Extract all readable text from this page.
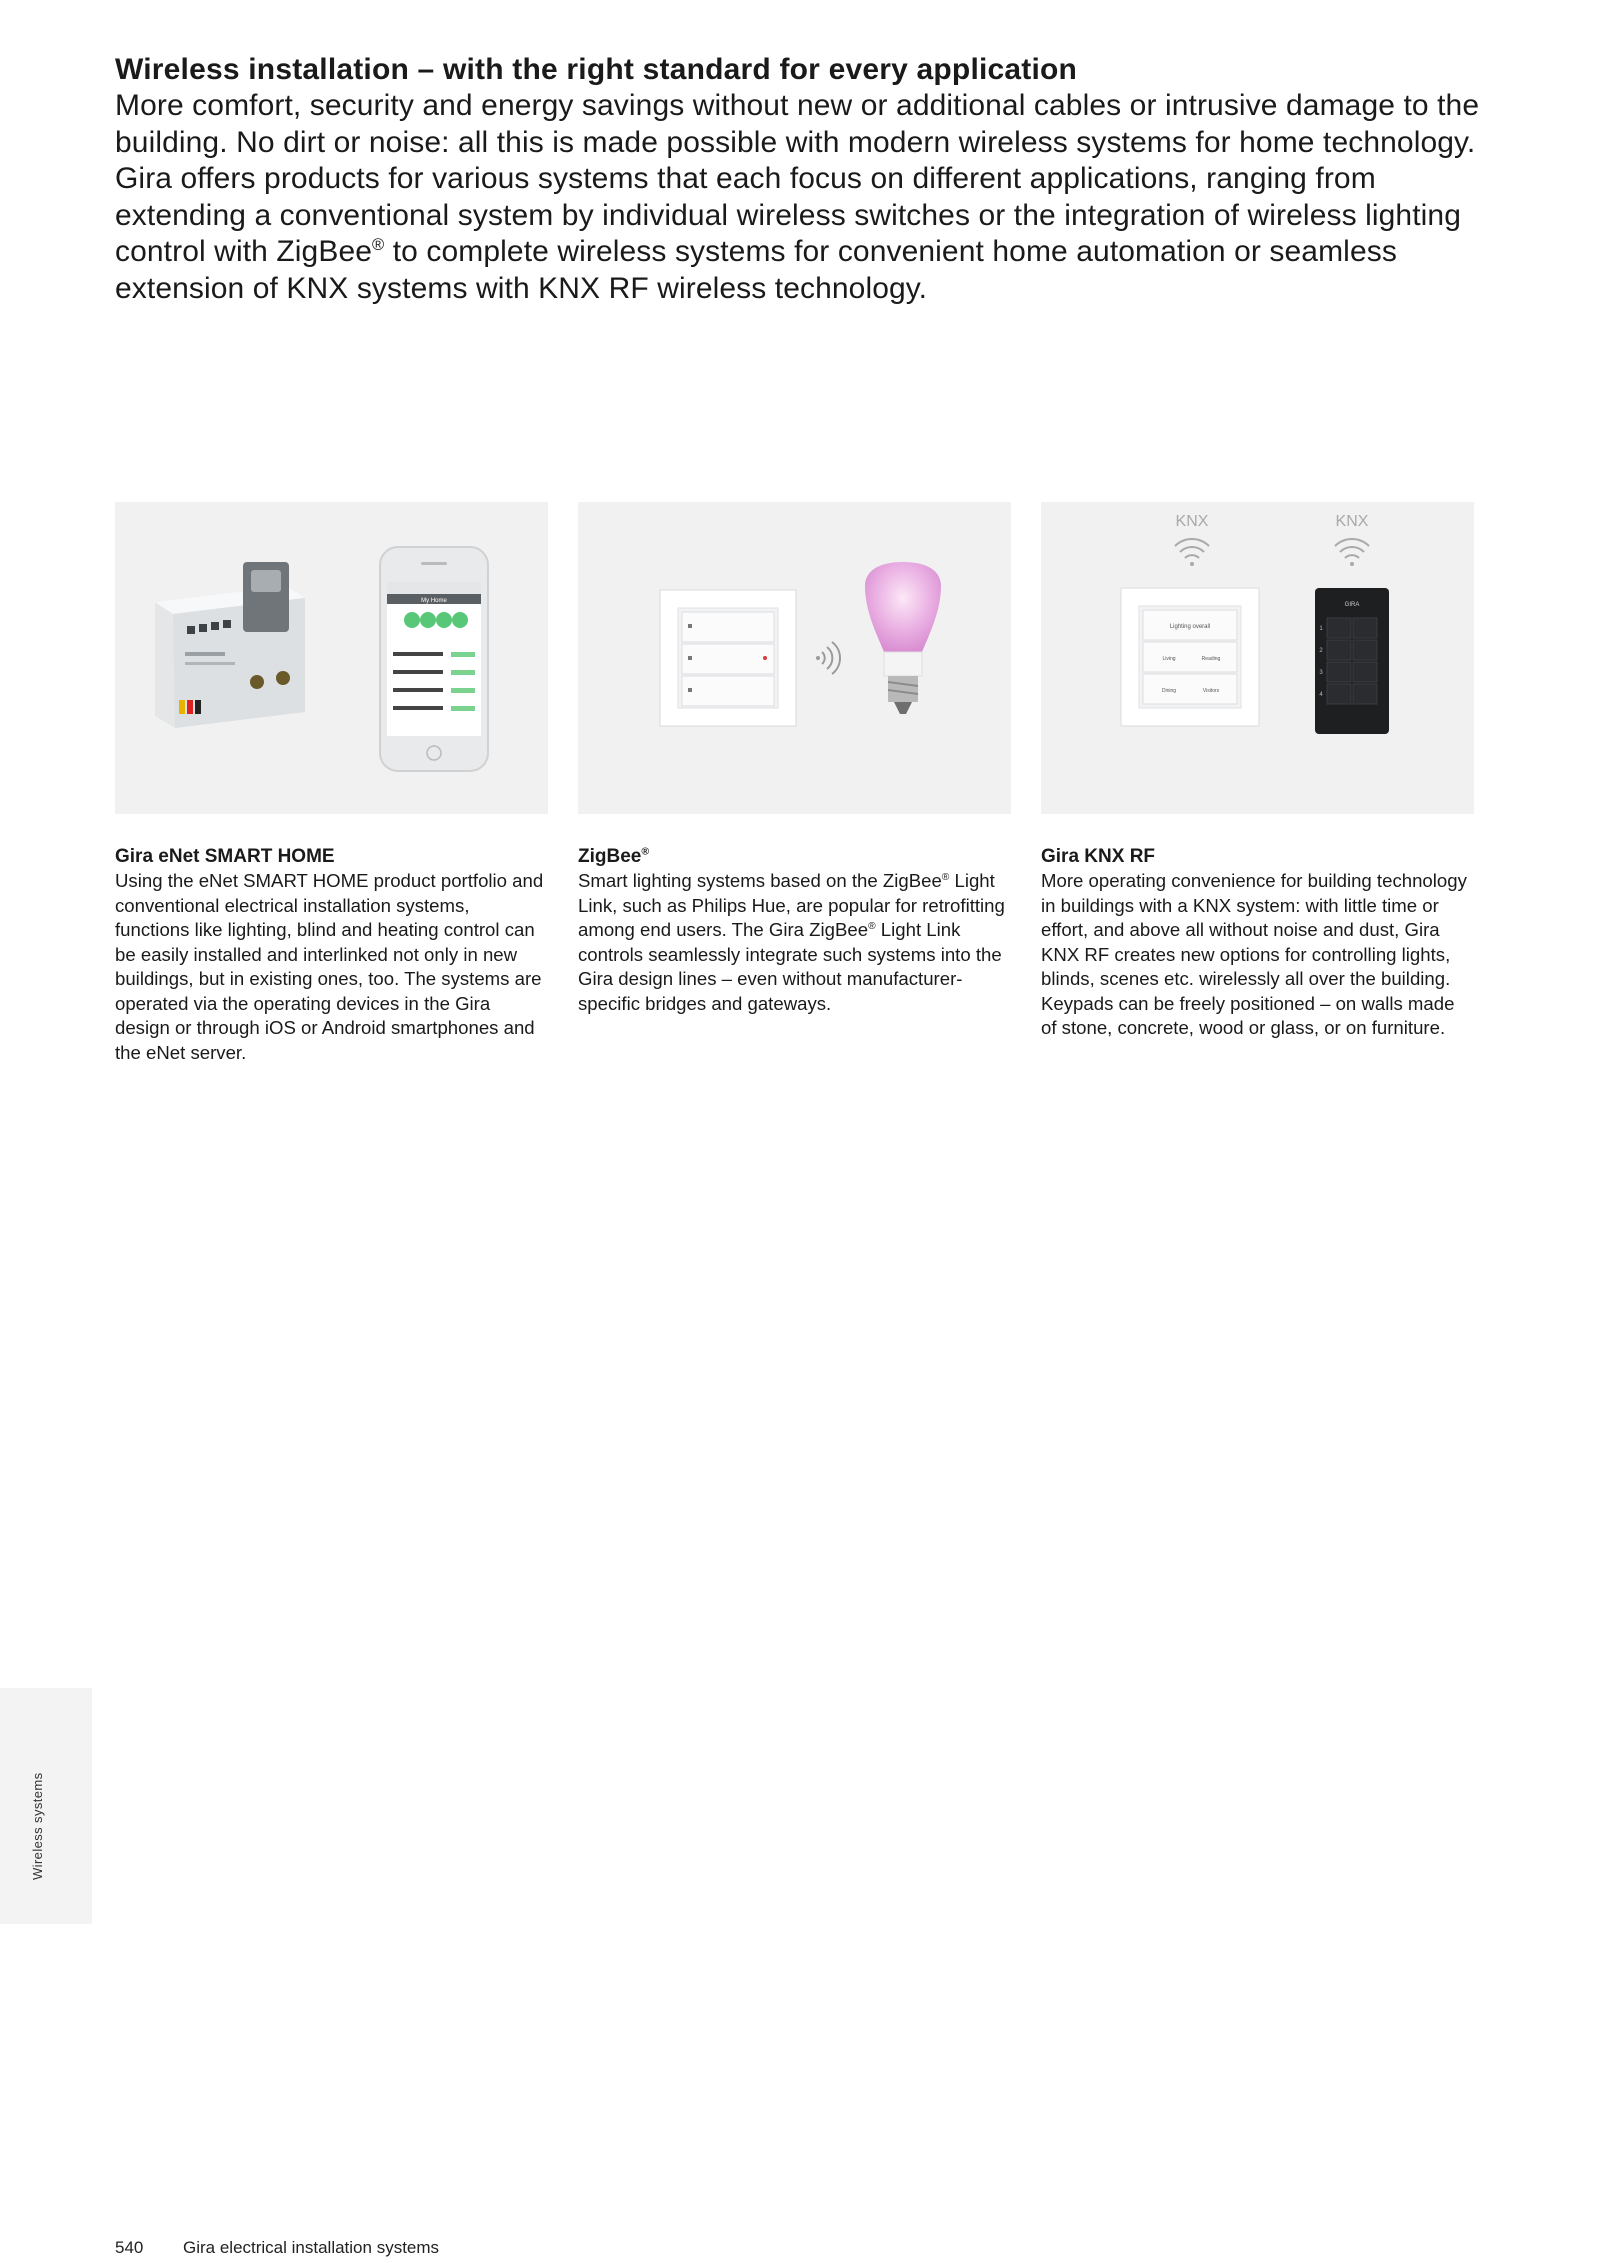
Wireless installation – with the right standard for every application

More comfort, security and energy savings without new or additional cables or intrusive damage to the building. No dirt or noise: all this is made possible with modern wireless systems for home technology. Gira offers products for various systems that each focus on different applications, ranging from extending a conventional system by individual wireless switches or the integration of wireless lighting control with ZigBee® to complete wireless systems for convenient home automation or seamless extension of KNX systems with KNX RF wireless technology.

My Home
Gira eNet SMART HOME
Using the eNet SMART HOME product portfolio and conventional electrical installation systems, functions like lighting, blind and heating control can be easily installed and interlinked not only in new buildings, but in existing ones, too. The systems are operated via the operating devices in the Gira design or through iOS or Android smartphones and the eNet server.
ZigBee®
Smart lighting systems based on the ZigBee® Light Link, such as Philips Hue, are popular for retrofitting among end users. The Gira ZigBee® Light Link controls seamlessly integrate such systems into the Gira design lines – even without manufacturer-specific bridges and gateways.
KNX	KNX
Lighting overall
Living	Reading
Dining	Visitors
GIRA
1
2
3
4
Gira KNX RF
More operating convenience for building technology in buildings with a KNX system: with little time or effort, and above all without noise and dust, Gira KNX RF creates new options for controlling lights, blinds, scenes etc. wirelessly all over the building. Keypads can be freely positioned – on walls made of stone, concrete, wood or glass, or on furniture.
Wireless systems
540 Gira electrical installation systems
